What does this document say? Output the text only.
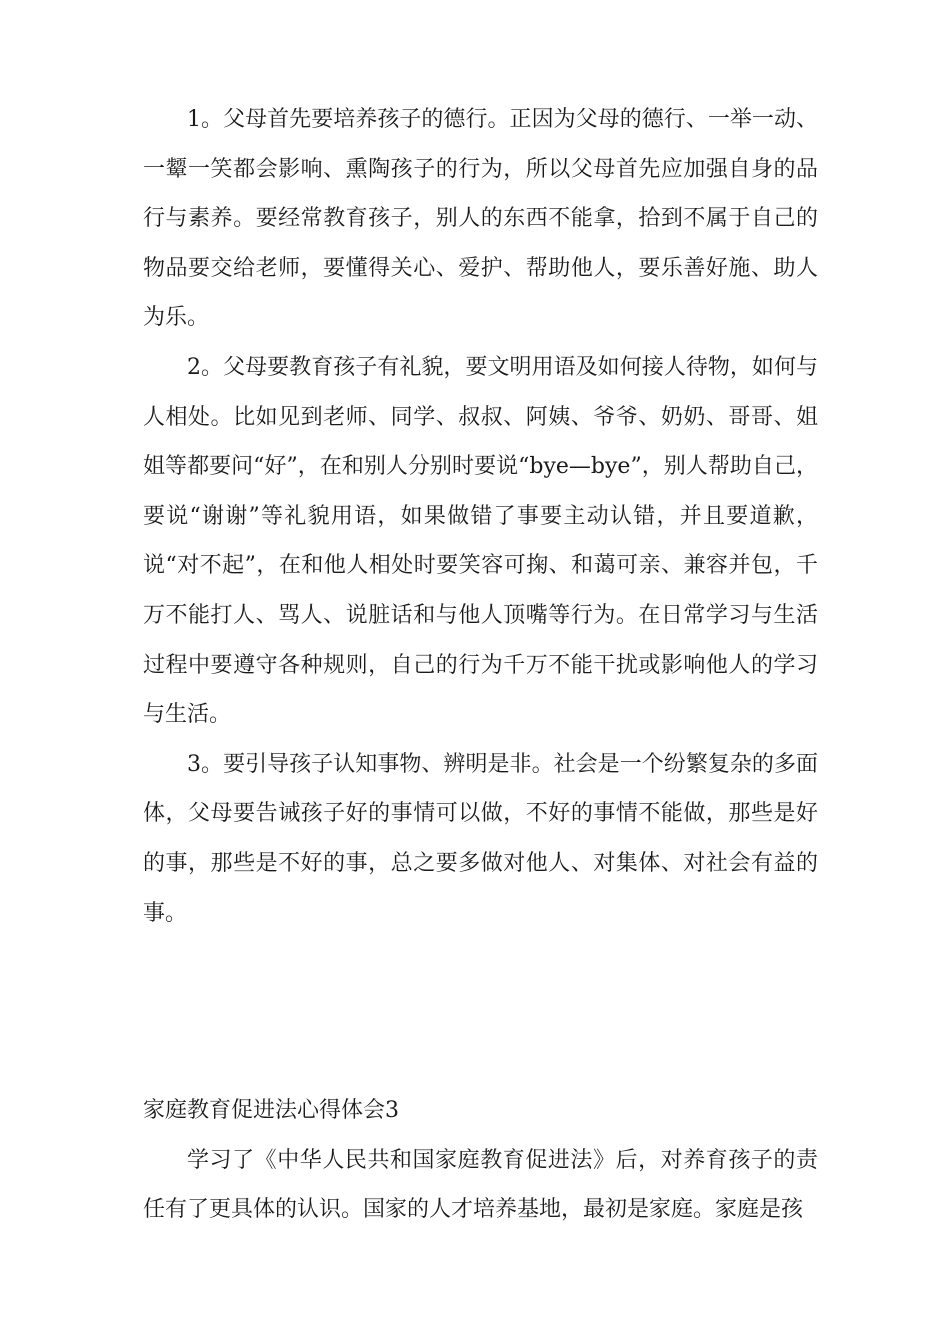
1。父母首先要培养孩子的德行。正因为父母的德行、一举一动、一颦一笑都会影响、熏陶孩子的行为，所以父母首先应加强自身的品行与素养。要经常教育孩子，别人的东西不能拿，拾到不属于自己的物品要交给老师，要懂得关心、爱护、帮助他人，要乐善好施、助人为乐。

2。父母要教育孩子有礼貌，要文明用语及如何接人待物，如何与人相处。比如见到老师、同学、叔叔、阿姨、爷爷、奶奶、哥哥、姐姐等都要问“好”，在和别人分别时要说“bye—bye”，别人帮助自己，要说“谢谢”等礼貌用语，如果做错了事要主动认错，并且要道歉，说“对不起”，在和他人相处时要笑容可掬、和蔼可亲、兼容并包，千万不能打人、骂人、说脏话和与他人顶嘴等行为。在日常学习与生活过程中要遵守各种规则，自己的行为千万不能干扰或影响他人的学习与生活。

3。要引导孩子认知事物、辨明是非。社会是一个纷繁复杂的多面体，父母要告诫孩子好的事情可以做，不好的事情不能做，那些是好的事，那些是不好的事，总之要多做对他人、对集体、对社会有益的事。

家庭教育促进法心得体会3

学习了《中华人民共和国家庭教育促进法》后，对养育孩子的责任有了更具体的认识。国家的人才培养基地，最初是家庭。家庭是孩
